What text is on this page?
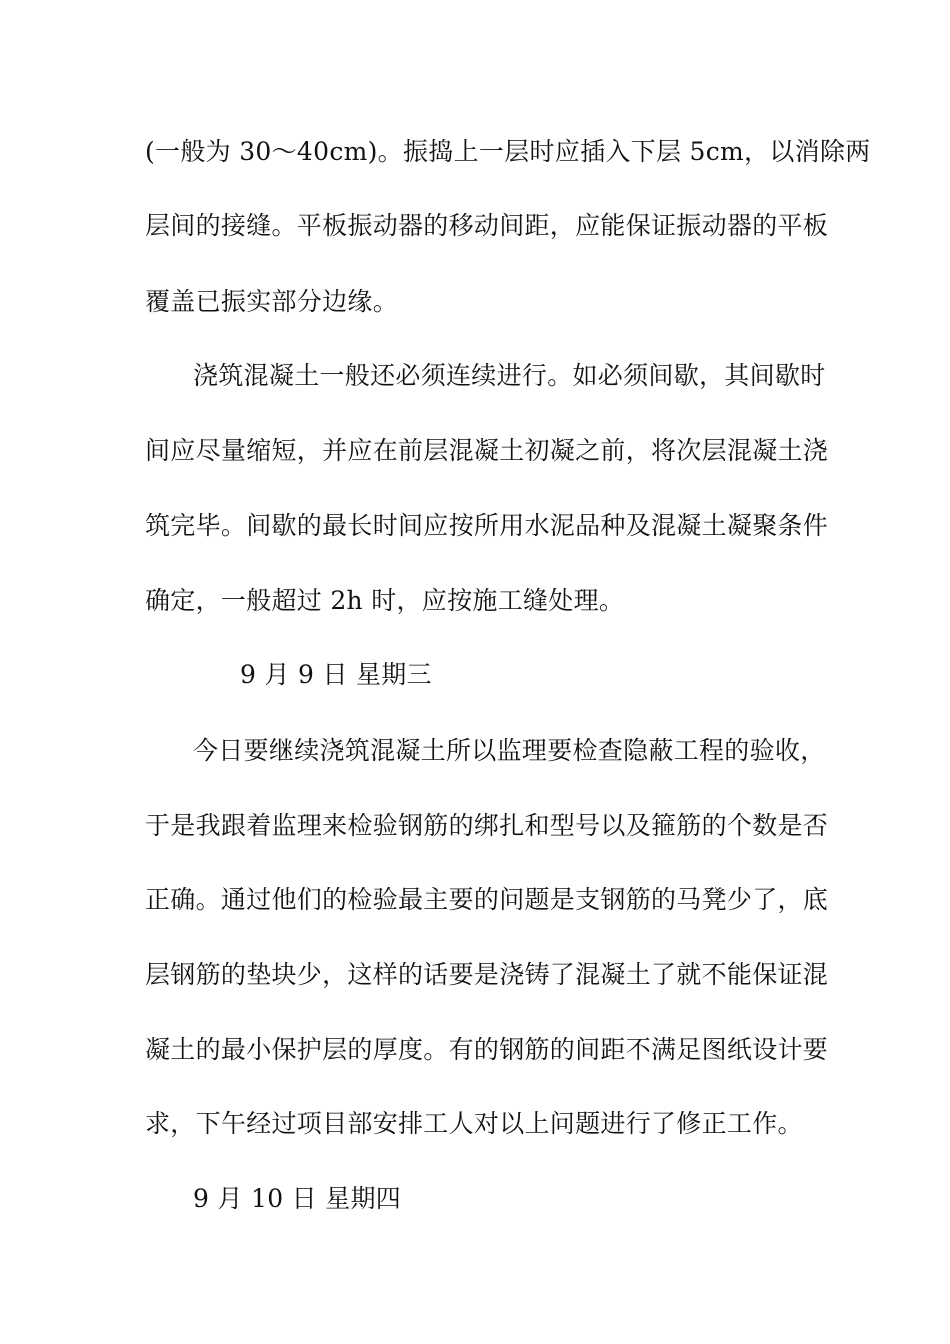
(一般为 30～40cm)。振捣上一层时应插入下层 5cm，以消除两
层间的接缝。平板振动器的移动间距，应能保证振动器的平板
覆盖已振实部分边缘。
浇筑混凝土一般还必须连续进行。如必须间歇，其间歇时
间应尽量缩短，并应在前层混凝土初凝之前，将次层混凝土浇
筑完毕。间歇的最长时间应按所用水泥品种及混凝土凝聚条件
确定，一般超过 2h 时，应按施工缝处理。
9 月 9 日 星期三
今日要继续浇筑混凝土所以监理要检查隐蔽工程的验收，
于是我跟着监理来检验钢筋的绑扎和型号以及箍筋的个数是否
正确。通过他们的检验最主要的问题是支钢筋的马凳少了，底
层钢筋的垫块少，这样的话要是浇铸了混凝土了就不能保证混
凝土的最小保护层的厚度。有的钢筋的间距不满足图纸设计要
求，下午经过项目部安排工人对以上问题进行了修正工作。
9 月 10 日 星期四
